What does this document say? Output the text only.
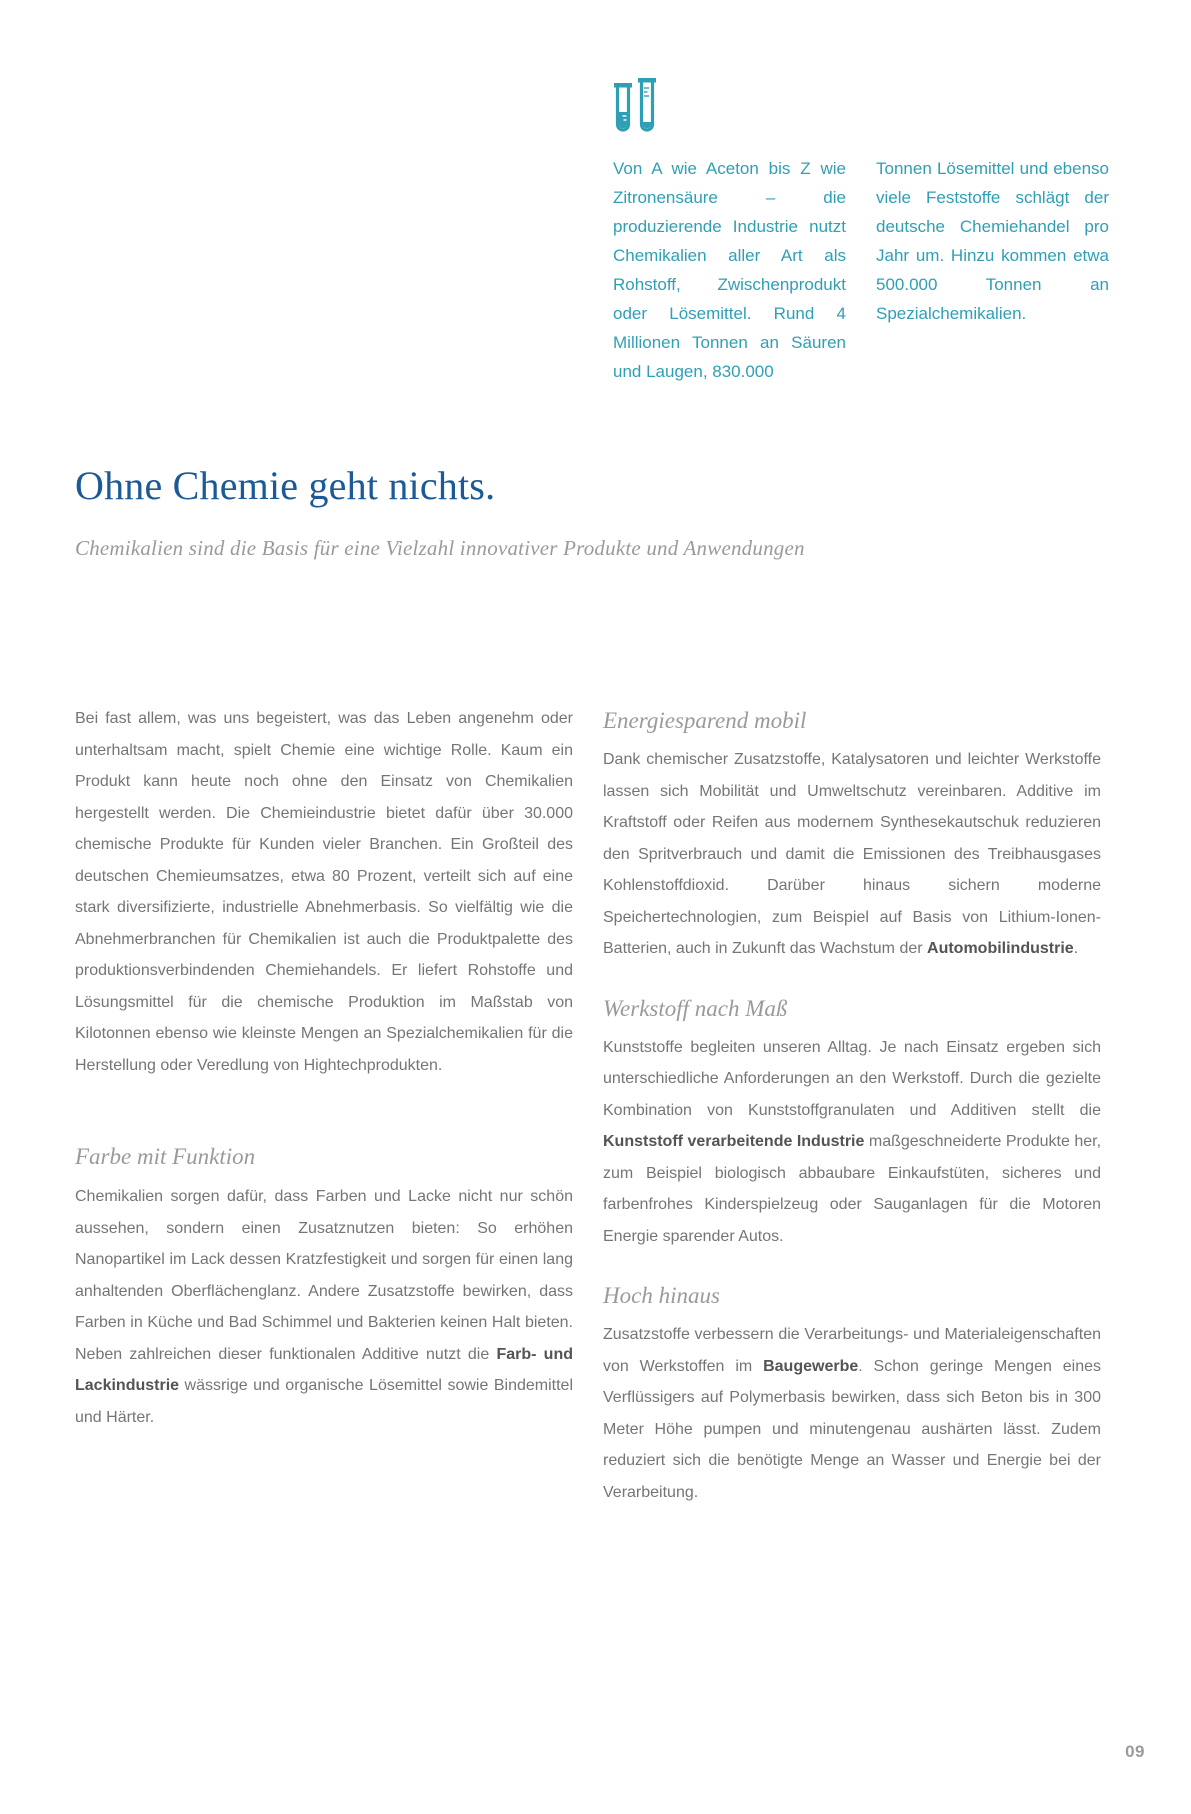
Von A wie Aceton bis Z wie Zitronensäure – die produzierende Industrie nutzt Chemikalien aller Art als Rohstoff, Zwischenprodukt oder Lösemittel. Rund 4 Millionen Tonnen an Säuren und Laugen, 830.000

Tonnen Lösemittel und ebenso viele Feststoffe schlägt der deutsche Chemiehandel pro Jahr um. Hinzu kommen etwa 500.000 Tonnen an Spezialchemikalien.

Ohne Chemie geht nichts.

Chemikalien sind die Basis für eine Vielzahl innovativer Produkte und Anwendungen

Bei fast allem, was uns begeistert, was das Leben angenehm oder unterhaltsam macht, spielt Chemie eine wichtige Rolle. Kaum ein Produkt kann heute noch ohne den Einsatz von Chemikalien hergestellt werden. Die Chemieindustrie bietet dafür über 30.000 chemische Produkte für Kunden vieler Branchen. Ein Großteil des deutschen Chemieumsatzes, etwa 80 Prozent, verteilt sich auf eine stark diversifizierte, industrielle Abnehmerbasis. So vielfältig wie die Abnehmerbranchen für Chemikalien ist auch die Produktpalette des produktionsverbindenden Chemiehandels. Er liefert Rohstoffe und Lösungsmittel für die chemische Produktion im Maßstab von Kilotonnen ebenso wie kleinste Mengen an Spezialchemikalien für die Herstellung oder Veredlung von Hightechprodukten.

Farbe mit Funktion

Chemikalien sorgen dafür, dass Farben und Lacke nicht nur schön aussehen, sondern einen Zusatznutzen bieten: So erhöhen Nanopartikel im Lack dessen Kratzfestigkeit und sorgen für einen lang anhaltenden Oberflächenglanz. Andere Zusatzstoffe bewirken, dass Farben in Küche und Bad Schimmel und Bakterien keinen Halt bieten. Neben zahlreichen dieser funktionalen Additive nutzt die Farb- und Lackindustrie wässrige und organische Lösemittel sowie Bindemittel und Härter.

Energiesparend mobil

Dank chemischer Zusatzstoffe, Katalysatoren und leichter Werkstoffe lassen sich Mobilität und Umweltschutz vereinbaren. Additive im Kraftstoff oder Reifen aus modernem Synthesekautschuk reduzieren den Spritverbrauch und damit die Emissionen des Treibhausgases Kohlenstoffdioxid. Darüber hinaus sichern moderne Speichertechnologien, zum Beispiel auf Basis von Lithium-Ionen-Batterien, auch in Zukunft das Wachstum der Automobilindustrie.

Werkstoff nach Maß

Kunststoffe begleiten unseren Alltag. Je nach Einsatz ergeben sich unterschiedliche Anforderungen an den Werkstoff. Durch die gezielte Kombination von Kunststoffgranulaten und Additiven stellt die Kunststoff verarbeitende Industrie maßgeschneiderte Produkte her, zum Beispiel biologisch abbaubare Einkaufstüten, sicheres und farbenfrohes Kinderspielzeug oder Sauganlagen für die Motoren Energie sparender Autos.

Hoch hinaus

Zusatzstoffe verbessern die Verarbeitungs- und Materialeigenschaften von Werkstoffen im Baugewerbe. Schon geringe Mengen eines Verflüssigers auf Polymerbasis bewirken, dass sich Beton bis in 300 Meter Höhe pumpen und minutengenau aushärten lässt. Zudem reduziert sich die benötigte Menge an Wasser und Energie bei der Verarbeitung.

09
